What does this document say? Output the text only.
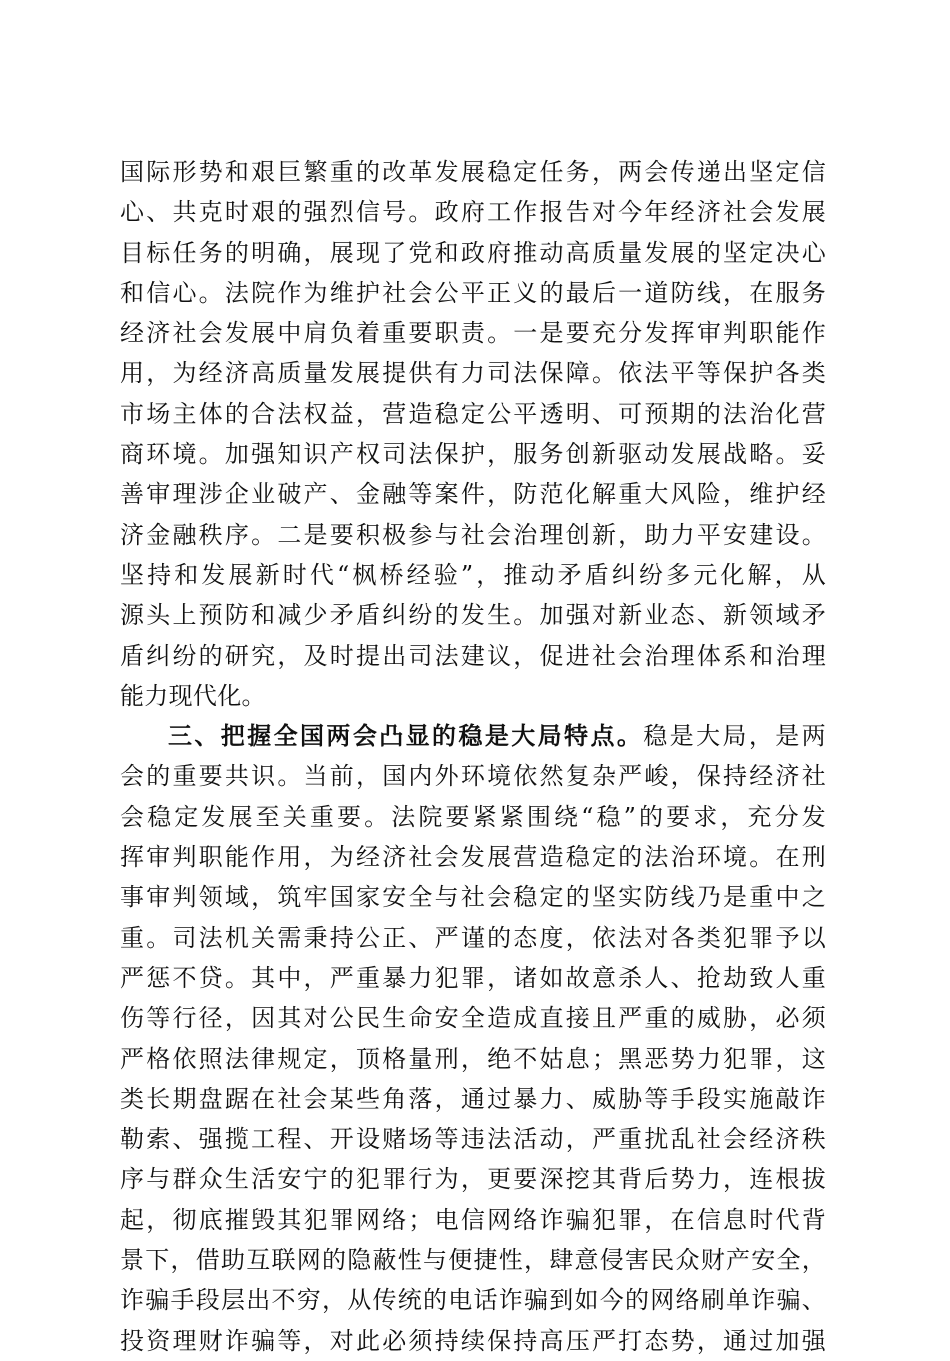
国际形势和艰巨繁重的改革发展稳定任务，两会传递出坚定信
心、共克时艰的强烈信号。政府工作报告对今年经济社会发展
目标任务的明确，展现了党和政府推动高质量发展的坚定决心
和信心。法院作为维护社会公平正义的最后一道防线，在服务
经济社会发展中肩负着重要职责。一是要充分发挥审判职能作
用，为经济高质量发展提供有力司法保障。依法平等保护各类
市场主体的合法权益，营造稳定公平透明、可预期的法治化营
商环境。加强知识产权司法保护，服务创新驱动发展战略。妥
善审理涉企业破产、金融等案件，防范化解重大风险，维护经
济金融秩序。二是要积极参与社会治理创新，助力平安建设。
坚持和发展新时代“枫桥经验”，推动矛盾纠纷多元化解，从
源头上预防和减少矛盾纠纷的发生。加强对新业态、新领域矛
盾纠纷的研究，及时提出司法建议，促进社会治理体系和治理
能力现代化。
三、把握全国两会凸显的稳是大局特点。稳是大局，是两
会的重要共识。当前，国内外环境依然复杂严峻，保持经济社
会稳定发展至关重要。法院要紧紧围绕“稳”的要求，充分发
挥审判职能作用，为经济社会发展营造稳定的法治环境。在刑
事审判领域，筑牢国家安全与社会稳定的坚实防线乃是重中之
重。司法机关需秉持公正、严谨的态度，依法对各类犯罪予以
严惩不贷。其中，严重暴力犯罪，诸如故意杀人、抢劫致人重
伤等行径，因其对公民生命安全造成直接且严重的威胁，必须
严格依照法律规定，顶格量刑，绝不姑息；黑恶势力犯罪，这
类长期盘踞在社会某些角落，通过暴力、威胁等手段实施敲诈
勒索、强揽工程、开设赌场等违法活动，严重扰乱社会经济秩
序与群众生活安宁的犯罪行为，更要深挖其背后势力，连根拔
起，彻底摧毁其犯罪网络；电信网络诈骗犯罪，在信息时代背
景下，借助互联网的隐蔽性与便捷性，肆意侵害民众财产安全，
诈骗手段层出不穷，从传统的电话诈骗到如今的网络刷单诈骗、
投资理财诈骗等，对此必须持续保持高压严打态势，通过加强
